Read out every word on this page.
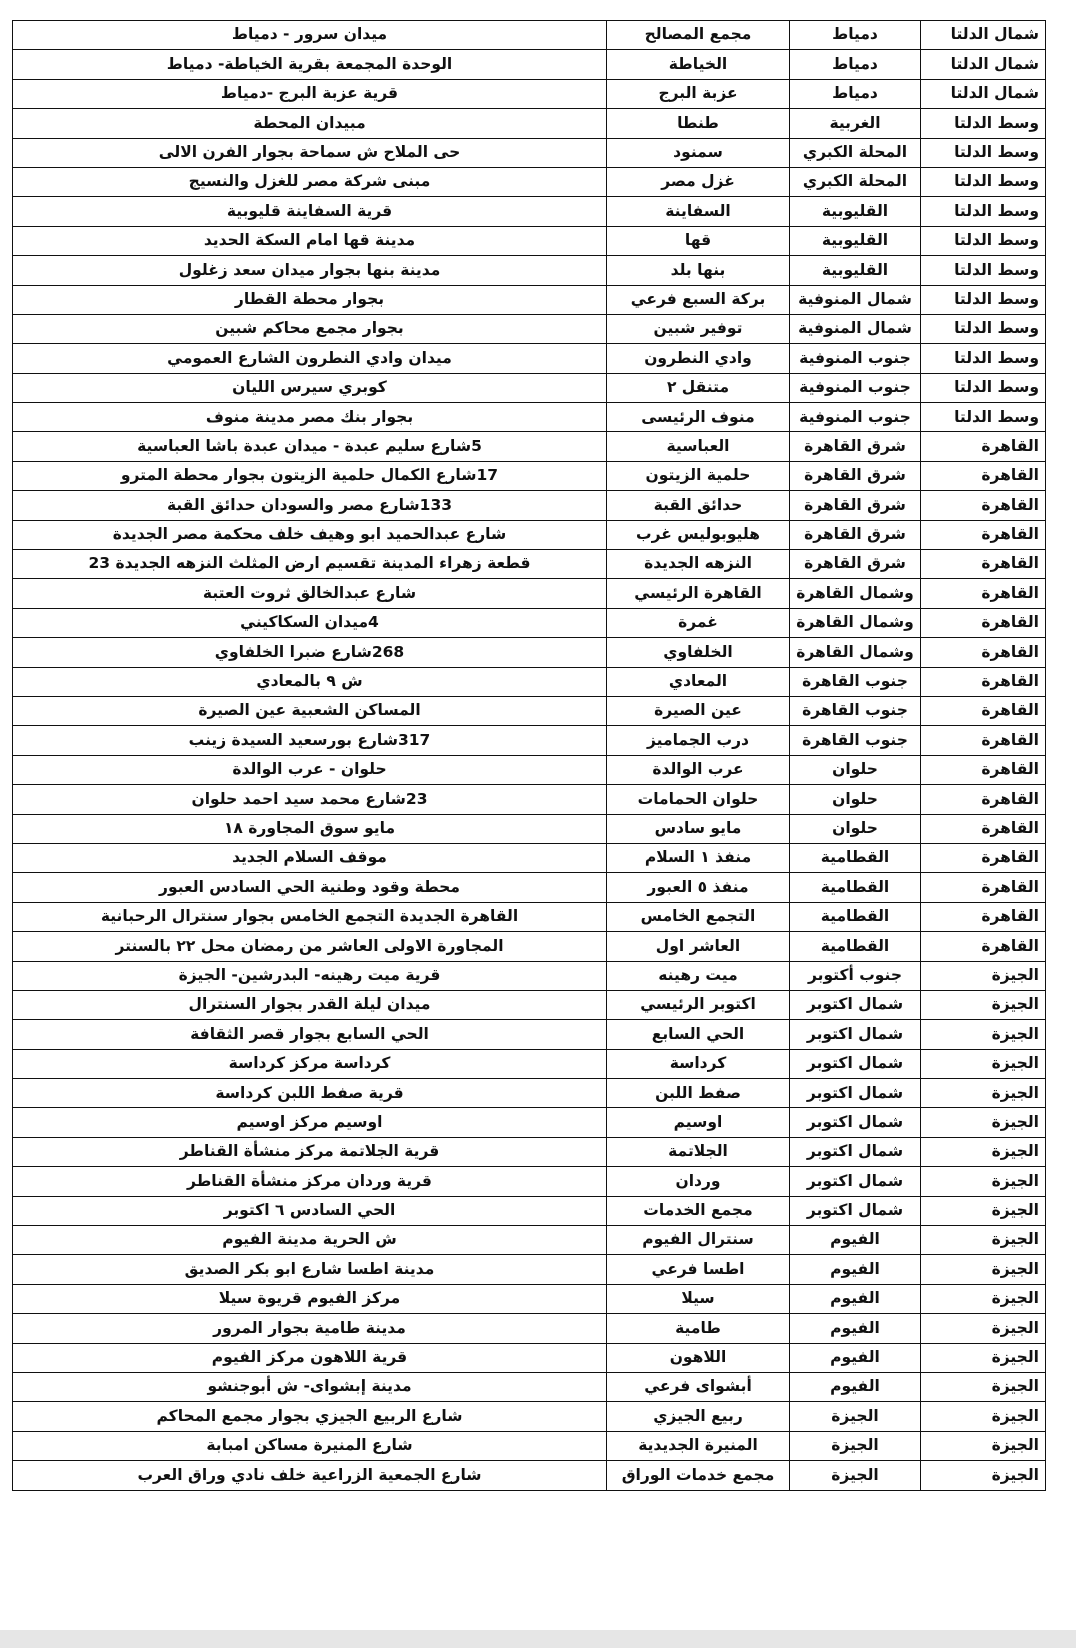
شمال الدلتا	دمياط	مجمع المصالح	ميدان سرور - دمياط
شمال الدلتا	دمياط	الخياطة	الوحدة المجمعة بقرية الخياطة- دمياط
شمال الدلتا	دمياط	عزبة البرج	قرية عزبة البرج -دمياط
وسط الدلتا	الغربية	طنطا	مبيدان المحطة
وسط الدلتا	المحلة الكبري	سمنود	حى الملاح ش سماحة بجوار الفرن الالى
وسط الدلتا	المحلة الكبري	غزل مصر	مبنى شركة مصر للغزل والنسيج
وسط الدلتا	القليوبية	السفاينة	قرية السفاينة قليوبية
وسط الدلتا	القليوبية	قها	مدينة قها امام السكة الحديد
وسط الدلتا	القليوبية	بنها بلد	مدينة بنها بجوار ميدان سعد زغلول
وسط الدلتا	شمال المنوفية	بركة السبع فرعي	بجوار محطة القطار
وسط الدلتا	شمال المنوفية	توفير شبين	بجوار مجمع محاكم شبين
وسط الدلتا	جنوب المنوفية	وادي النطرون	ميدان وادي النطرون الشارع العمومي
وسط الدلتا	جنوب المنوفية	متنقل ٢	كوبري سيرس الليان
وسط الدلتا	جنوب المنوفية	منوف الرئيسى	بجوار بنك مصر مدينة منوف
القاهرة	شرق القاهرة	العباسية	5شارع سليم عبدة - ميدان عبدة باشا العباسية
القاهرة	شرق القاهرة	حلمية الزيتون	17شارع الكمال حلمية الزيتون بجوار محطة المترو
القاهرة	شرق القاهرة	حدائق القبة	133شارع مصر والسودان حدائق القبة
القاهرة	شرق القاهرة	هليوبوليس غرب	شارع عبدالحميد ابو وهيف خلف محكمة مصر الجديدة
القاهرة	شرق القاهرة	النزهه الجديدة	قطعة زهراء المدينة تقسيم ارض المثلث النزهه الجديدة 23
القاهرة	وشمال القاهرة	القاهرة الرئيسي	شارع عبدالخالق ثروت العتبة
القاهرة	وشمال القاهرة	غمرة	4ميدان السكاكيني
القاهرة	وشمال القاهرة	الخلفاوي	268شارع ضبرا الخلفاوي
القاهرة	جنوب القاهرة	المعادي	ش ٩ بالمعادي
القاهرة	جنوب القاهرة	عين الصيرة	المساكن الشعبية عين الصيرة
القاهرة	جنوب القاهرة	درب الجماميز	317شارع بورسعيد السيدة زينب
القاهرة	حلوان	عرب الوالدة	حلوان - عرب الوالدة
القاهرة	حلوان	حلوان الحمامات	23شارع محمد سيد احمد حلوان
القاهرة	حلوان	مايو سادس	مايو سوق المجاورة ١٨
القاهرة	القطامية	منفذ ١ السلام	موقف السلام الجديد
القاهرة	القطامية	منفذ ٥ العبور	محطة وقود وطنية الحي السادس العبور
القاهرة	القطامية	التجمع الخامس	القاهرة الجديدة التجمع الخامس بجوار سنترال الرحبانية
القاهرة	القطامية	العاشر اول	المجاورة الاولى العاشر من رمضان محل ٢٢ بالسنتر
الجيزة	جنوب أكتوبر	ميت رهينه	قرية ميت رهينه- البدرشين- الجيزة
الجيزة	شمال اكتوبر	اكتوبر الرئيسي	ميدان ليلة القدر بجوار السنترال
الجيزة	شمال اكتوبر	الحي السابع	الحي السابع بجوار قصر الثقافة
الجيزة	شمال اكتوبر	كرداسة	كرداسة مركز كرداسة
الجيزة	شمال اكتوبر	صفط اللبن	قرية صفط اللبن كرداسة
الجيزة	شمال اكتوبر	اوسيم	اوسيم مركز اوسيم
الجيزة	شمال اكتوبر	الجلاتمة	قرية الجلاتمة مركز منشأة القناطر
الجيزة	شمال اكتوبر	وردان	قرية وردان مركز منشأة القناطر
الجيزة	شمال اكتوبر	مجمع الخدمات	الحي السادس ٦ اكتوبر
الجيزة	الفيوم	سنترال الفيوم	ش الحرية مدينة الفيوم
الجيزة	الفيوم	اطسا فرعي	مدينة اطسا شارع ابو بكر الصديق
الجيزة	الفيوم	سيلا	مركز الفيوم قريوة سيلا
الجيزة	الفيوم	طامية	مدينة طامية بجوار المرور
الجيزة	الفيوم	اللاهون	قرية اللاهون مركز الفيوم
الجيزة	الفيوم	أبشواى فرعي	مدينة إبشواى- ش أبوجنشو
الجيزة	الجيزة	ربيع الجيزي	شارع الربيع الجيزي بجوار مجمع المحاكم
الجيزة	الجيزة	المنيرة الجديدية	شارع المنيرة مساكن امبابة
الجيزة	الجيزة	مجمع خدمات الوراق	شارع الجمعية الزراعية خلف نادي وراق العرب
